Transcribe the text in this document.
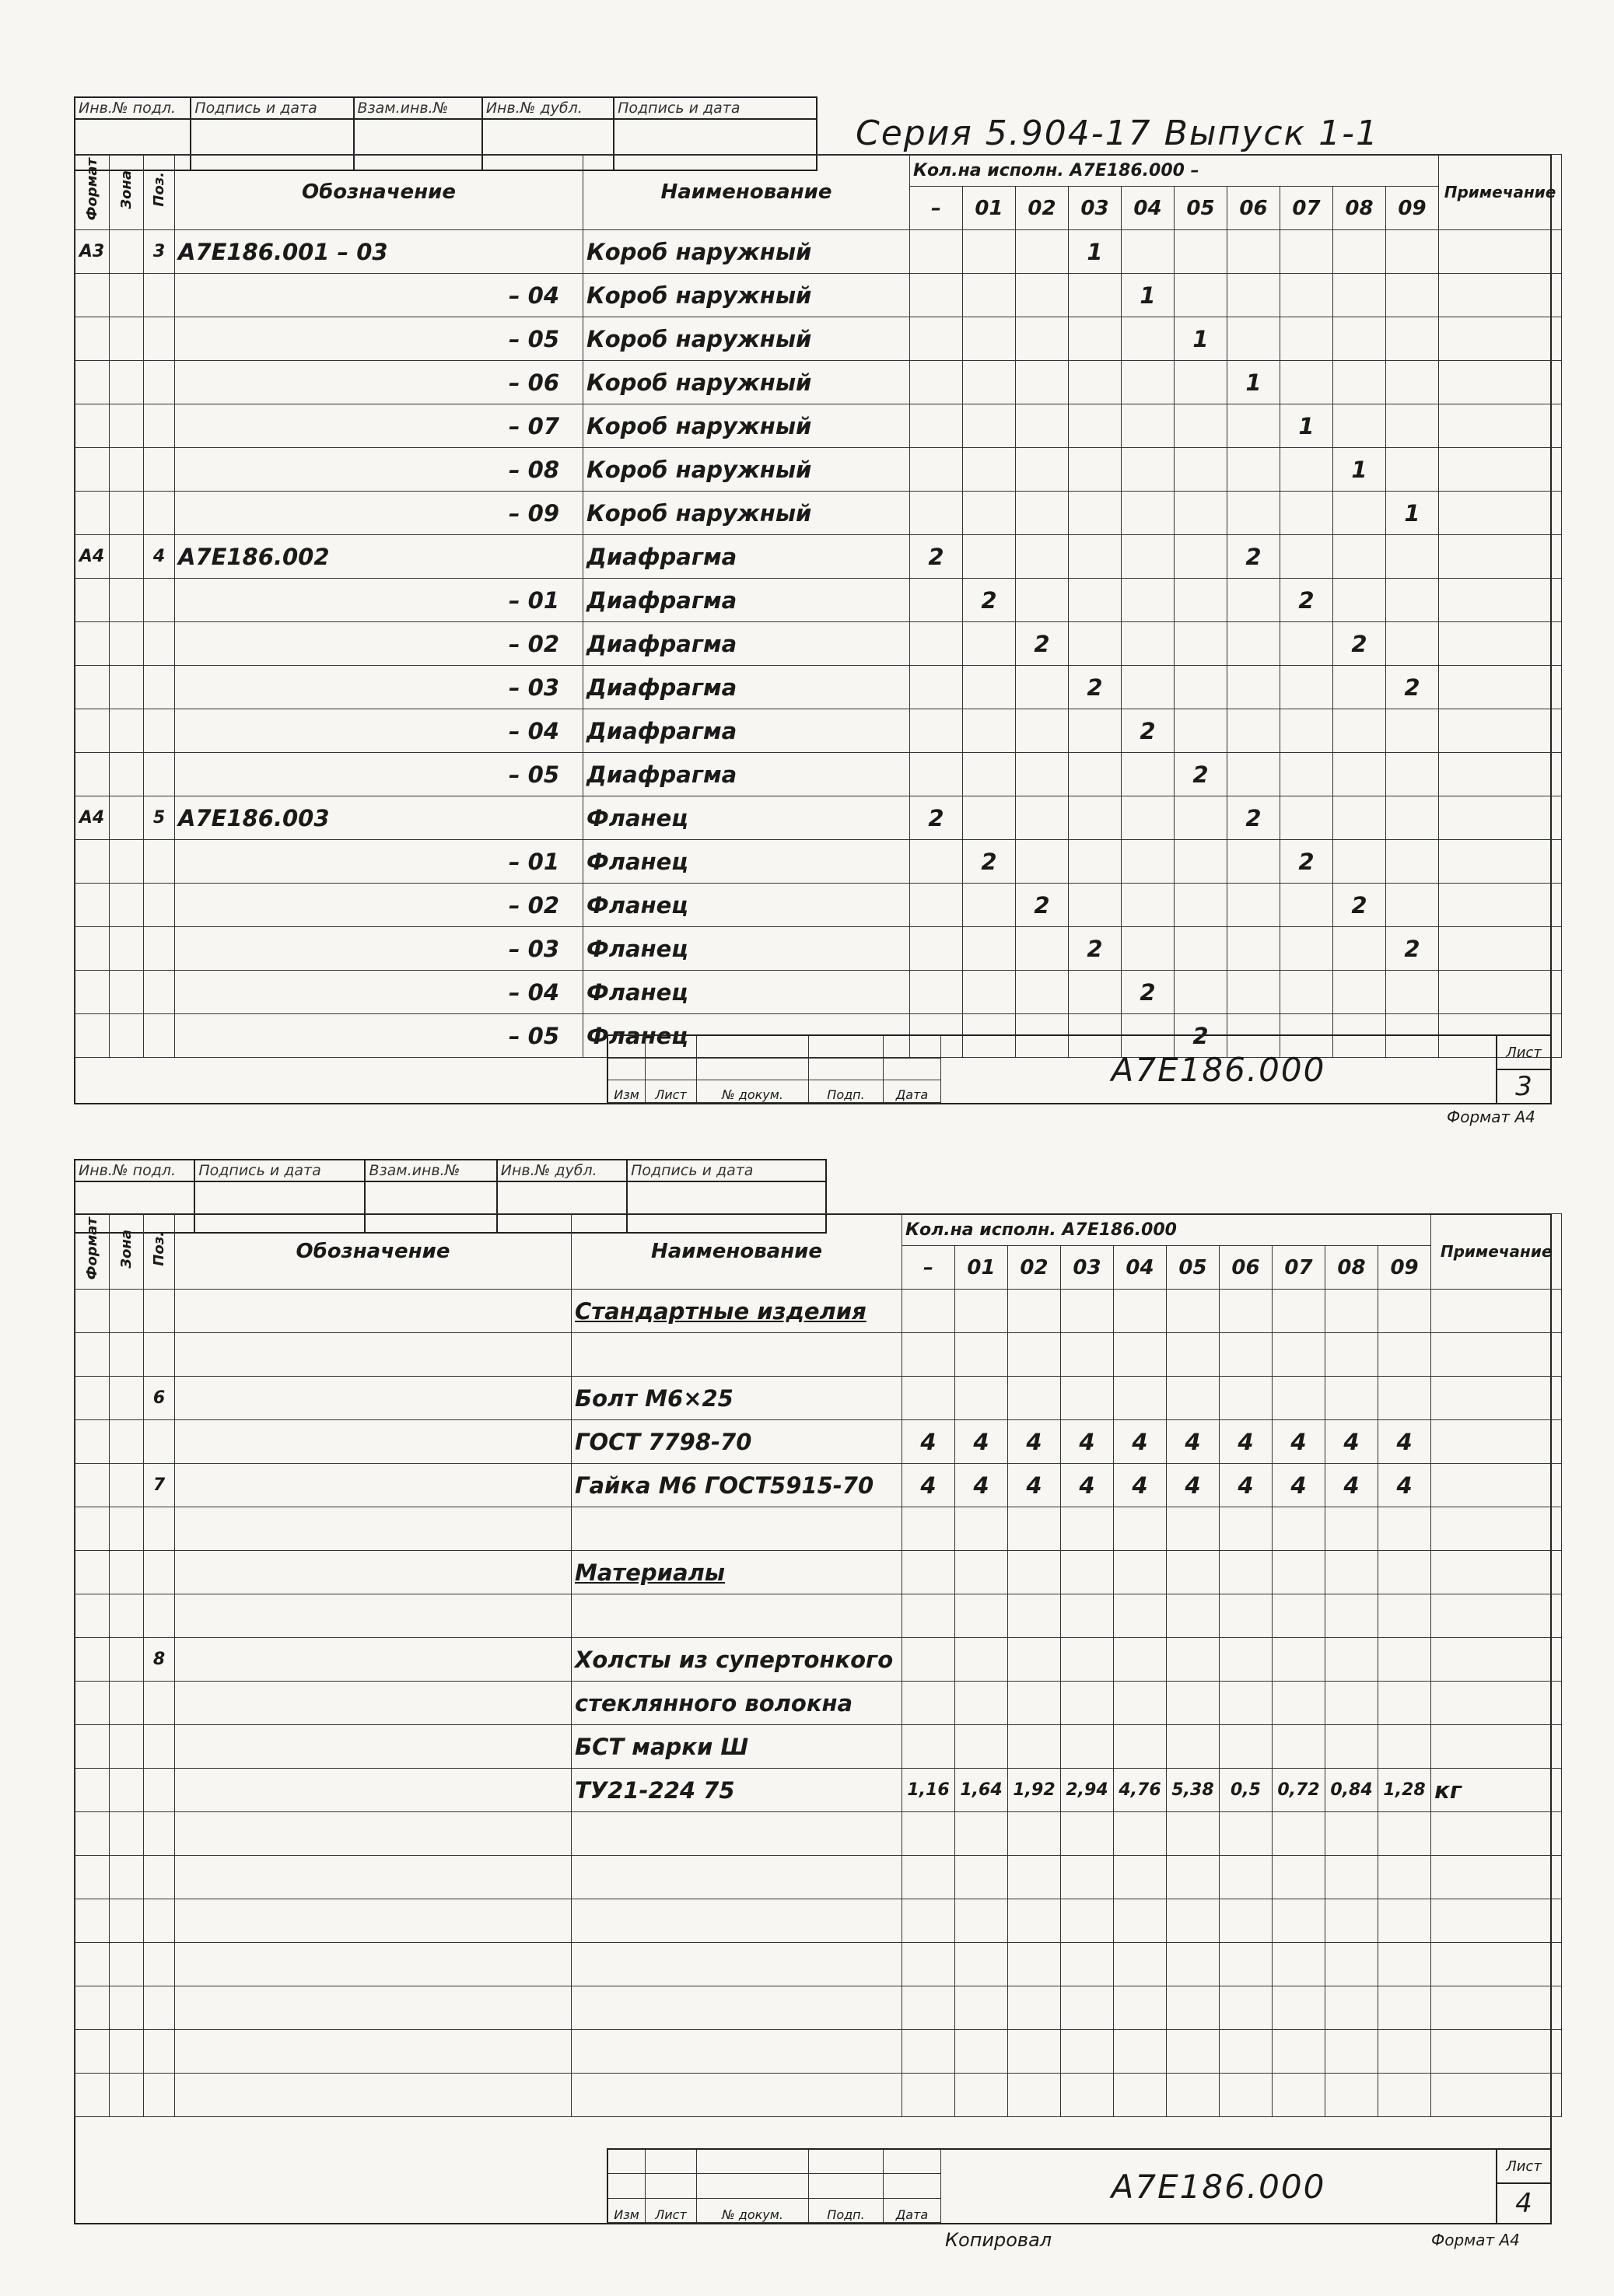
Инв.№ подл. Подпись и дата	Взам.инв.№	Инв.№ дубл. Подпись и дата
Серия 5.904-17 Выпуск 1-1
Формат	Зона	Поз.	Обозначение	Наименование	Кол.на исполн. А7Е186.000 –										Примечание
					–	01	02	03	04	05	06	07	08	09	
А3		3	А7Е186.001 – 03	Короб наружный				1							
			– 04	Короб наружный					1						
			– 05	Короб наружный						1					
			– 06	Короб наружный							1				
			– 07	Короб наружный								1			
			– 08	Короб наружный									1		
			– 09	Короб наружный										1	
А4		4	А7Е186.002	Диафрагма	2						2				
			– 01	Диафрагма		2						2			
			– 02	Диафрагма			2						2		
			– 03	Диафрагма				2						2	
			– 04	Диафрагма					2						
			– 05	Диафрагма						2					
А4		5	А7Е186.003	Фланец	2						2				
			– 01	Фланец		2						2			
			– 02	Фланец			2						2		
			– 03	Фланец				2						2	
			– 04	Фланец					2						
			– 05	Фланец						2					
Изм	Лист	№ докум.	Подп.	Дата
А7Е186.000	Лист
3
Формат А4
Инв.№ подл. Подпись и дата	Взам.инв.№	Инв.№ дубл. Подпись и дата
Формат	Зона	Поз.	Обозначение	Наименование	Кол.на исполн. А7Е186.000										Примечание
					–	01	02	03	04	05	06	07	08	09	
				Стандартные изделия											

		6		Болт М6×25											
				ГОСТ 7798-70	4	4	4	4	4	4	4	4	4	4	
		7		Гайка М6 ГОСТ5915-70	4	4	4	4	4	4	4	4	4	4	

				Материалы											

		8		Холсты из супертонкого											
				стеклянного волокна											
				БСТ марки Ш											
				ТУ21-224 75	1,16	1,64	1,92	2,94	4,76	5,38	0,5	0,72	0,84	1,28	кг

Изм	Лист	№ докум.	Подп.	Дата
А7Е186.000
Лист
4
Копировал	Формат А4
